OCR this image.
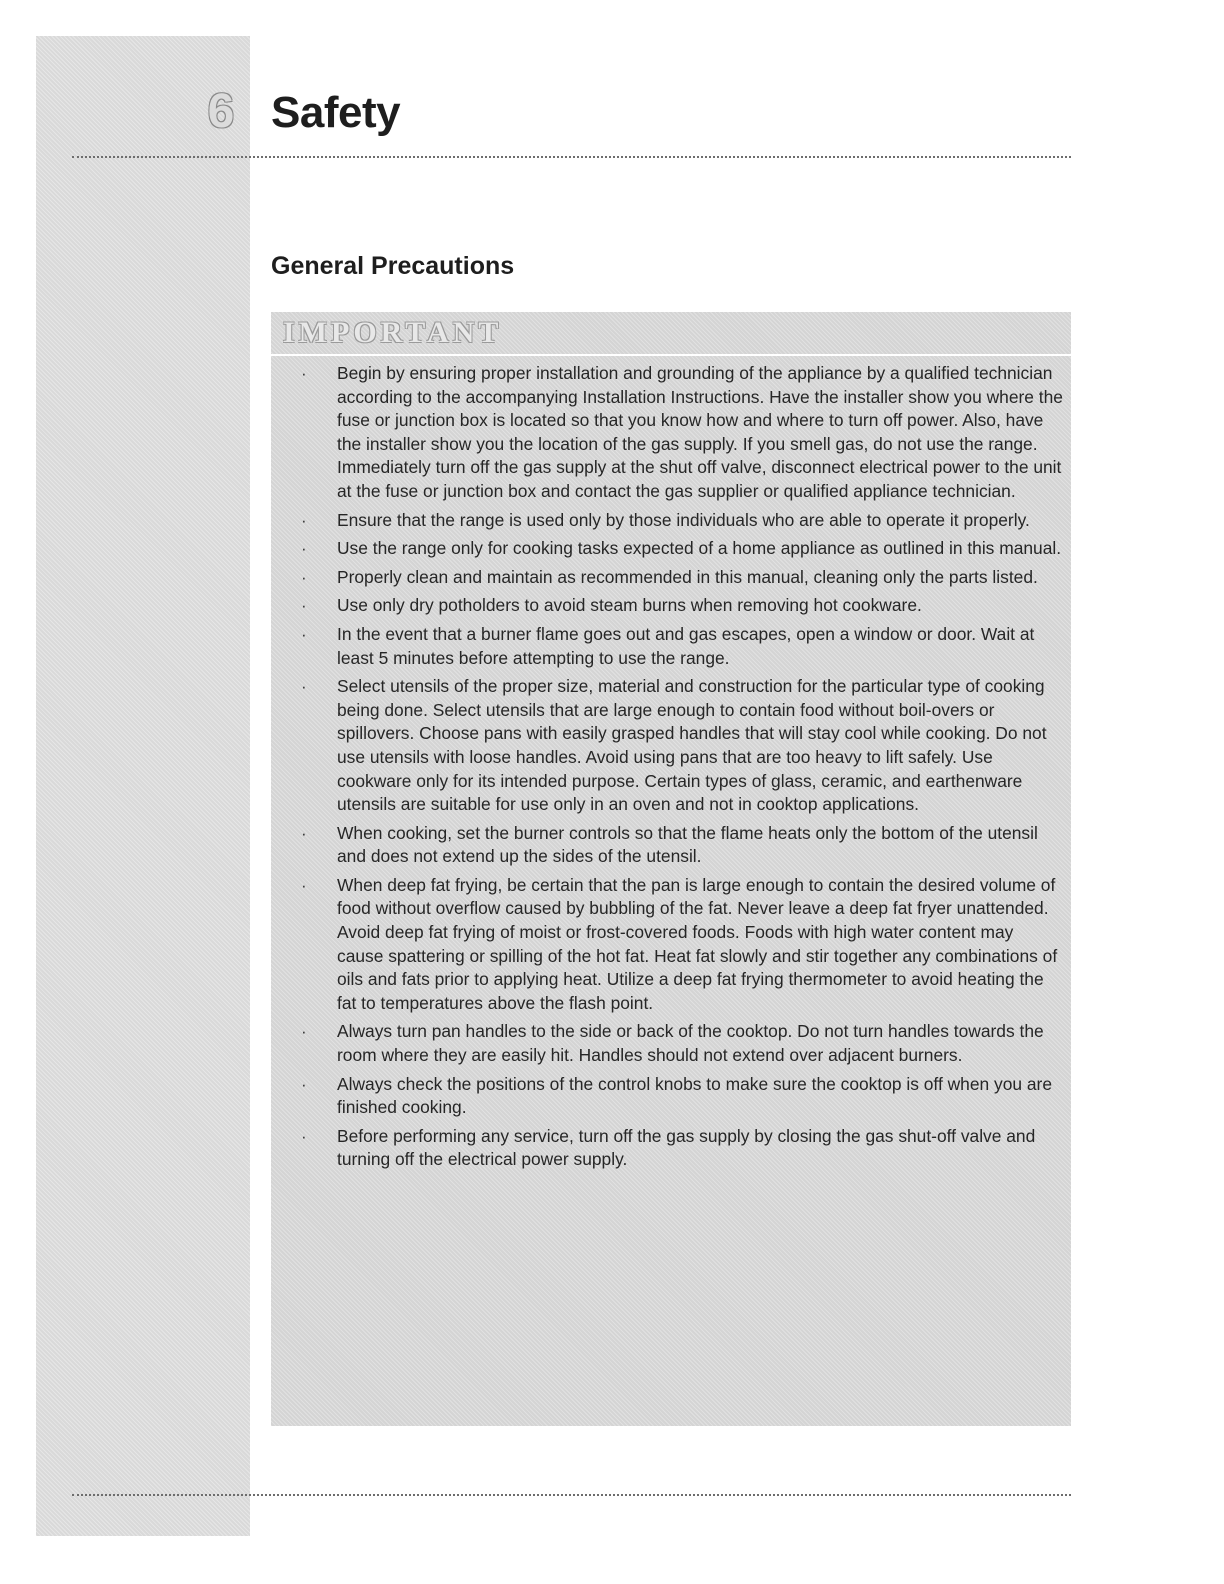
6 Safety
General Precautions
IMPORTANT
· Begin by ensuring proper installation and grounding of the appliance by a qualified technician according to the accompanying Installation Instructions. Have the installer show you where the fuse or junction box is located so that you know how and where to turn off power. Also, have the installer show you the location of the gas supply. If you smell gas, do not use the range. Immediately turn off the gas supply at the shut off valve, disconnect electrical power to the unit at the fuse or junction box and contact the gas supplier or qualified appliance technician.
· Ensure that the range is used only by those individuals who are able to operate it properly.
· Use the range only for cooking tasks expected of a home appliance as outlined in this manual.
· Properly clean and maintain as recommended in this manual, cleaning only the parts listed.
· Use only dry potholders to avoid steam burns when removing hot cookware.
· In the event that a burner flame goes out and gas escapes, open a window or door. Wait at least 5 minutes before attempting to use the range.
· Select utensils of the proper size, material and construction for the particular type of cooking being done. Select utensils that are large enough to contain food without boil-overs or spillovers. Choose pans with easily grasped handles that will stay cool while cooking. Do not use utensils with loose handles. Avoid using pans that are too heavy to lift safely. Use cookware only for its intended purpose. Certain types of glass, ceramic, and earthenware utensils are suitable for use only in an oven and not in cooktop applications.
· When cooking, set the burner controls so that the flame heats only the bottom of the utensil and does not extend up the sides of the utensil.
· When deep fat frying, be certain that the pan is large enough to contain the desired volume of food without overflow caused by bubbling of the fat. Never leave a deep fat fryer unattended. Avoid deep fat frying of moist or frost-covered foods. Foods with high water content may cause spattering or spilling of the hot fat. Heat fat slowly and stir together any combinations of oils and fats prior to applying heat. Utilize a deep fat frying thermometer to avoid heating the fat to temperatures above the flash point.
· Always turn pan handles to the side or back of the cooktop. Do not turn handles towards the room where they are easily hit. Handles should not extend over adjacent burners.
· Always check the positions of the control knobs to make sure the cooktop is off when you are finished cooking.
· Before performing any service, turn off the gas supply by closing the gas shut-off valve and turning off the electrical power supply.
